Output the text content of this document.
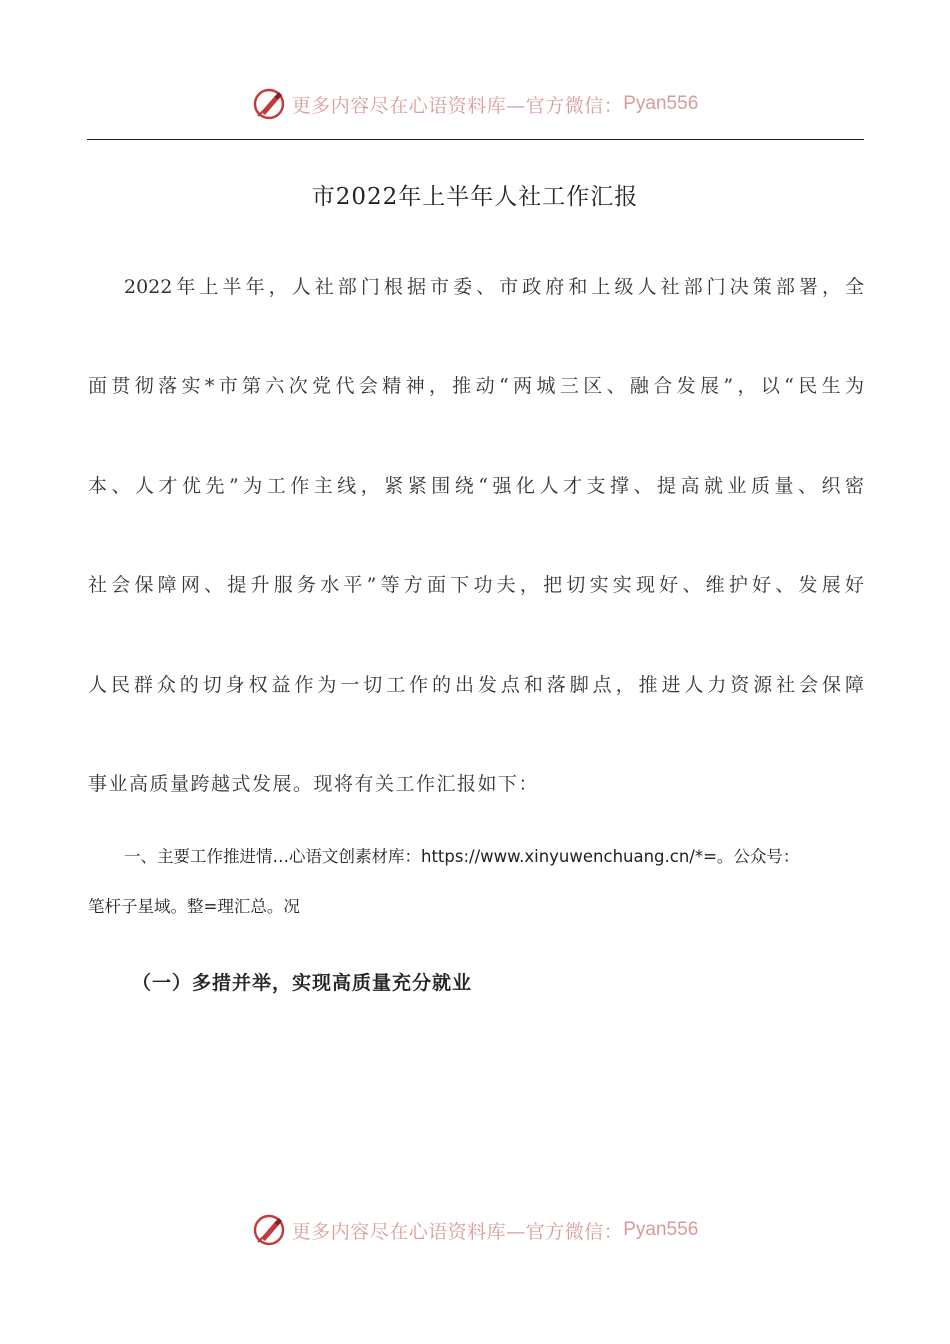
更多内容尽在心语资料库—官方微信： Pyan556
市2022年上半年人社工作汇报
2022年上半年，人社部门根据市委、市政府和上级人社部门决策部署，全
面贯彻落实*市第六次党代会精神，推动“两城三区、融合发展”，以“民生为
本、人才优先”为工作主线，紧紧围绕“强化人才支撑、提高就业质量、织密
社会保障网、提升服务水平”等方面下功夫，把切实实现好、维护好、发展好
人民群众的切身权益作为一切工作的出发点和落脚点，推进人力资源社会保障
事业高质量跨越式发展。现将有关工作汇报如下：
一、主要工作推进情…心语文创素材库：https://www.xinyuwenchuang.cn/*=。公众号：
笔杆子星域。整=理汇总。况
（一）多措并举，实现高质量充分就业
更多内容尽在心语资料库—官方微信： Pyan556
